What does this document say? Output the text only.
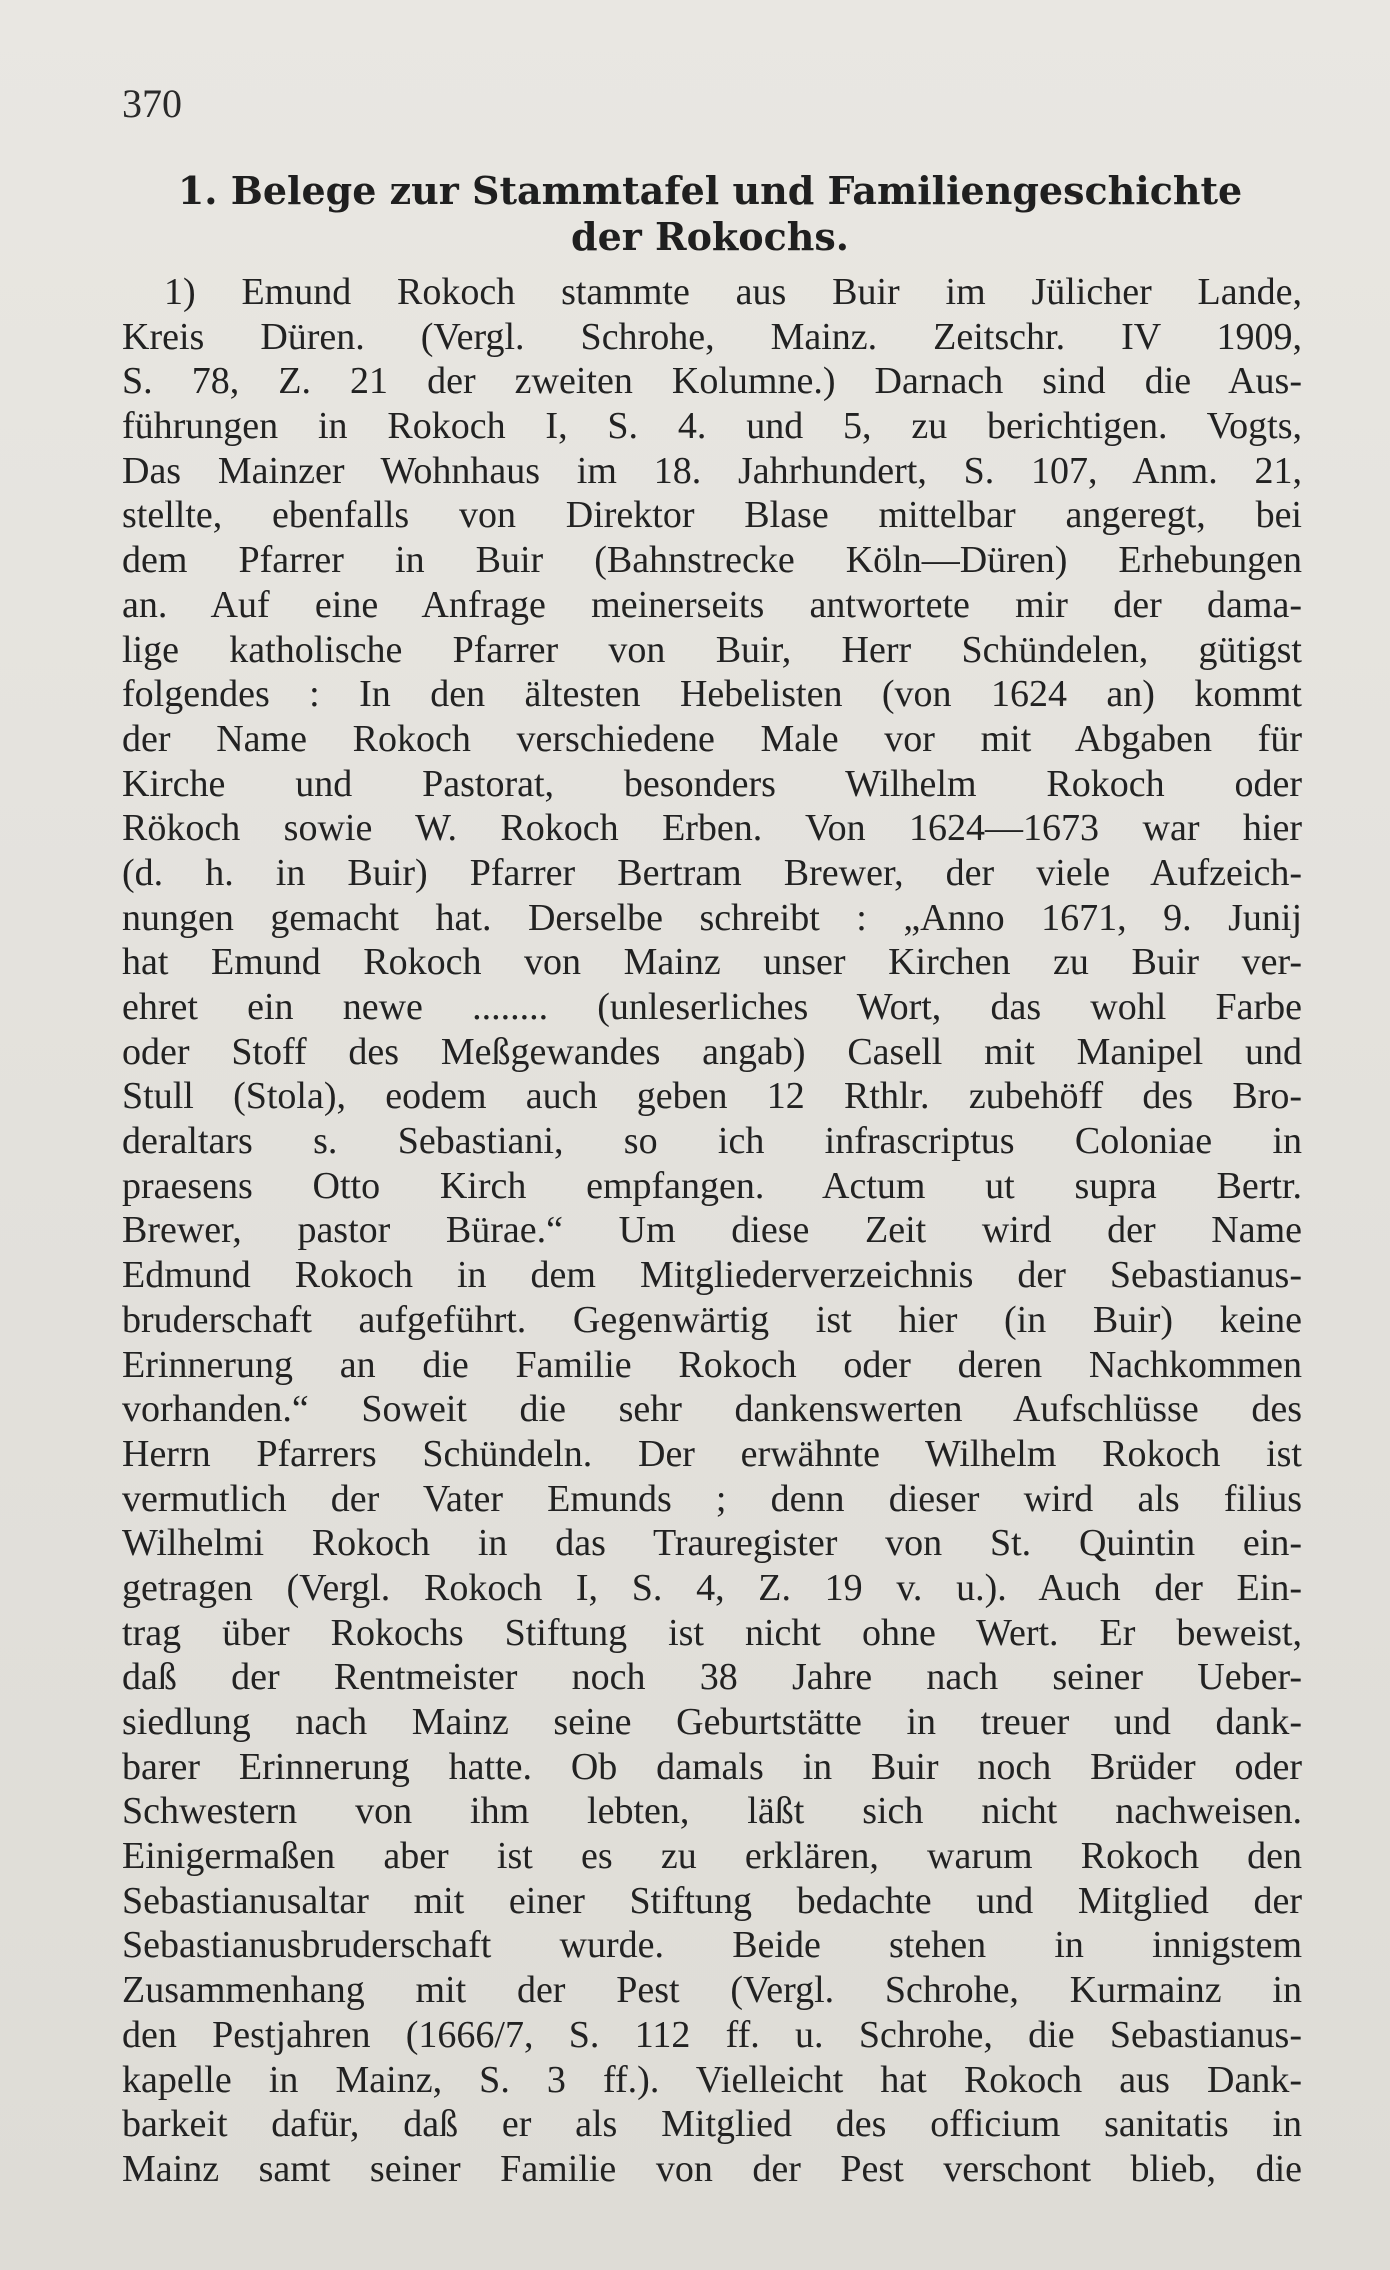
370

1. Belege zur Stammtafel und Familiengeschichte
der Rokochs.
1) Emund Rokoch stammte aus Buir im Jülicher Lande,
Kreis Düren. (Vergl. Schrohe, Mainz. Zeitschr. IV 1909,
S. 78, Z. 21 der zweiten Kolumne.) Darnach sind die Aus-
führungen in Rokoch I, S. 4. und 5, zu berichtigen. Vogts,
Das Mainzer Wohnhaus im 18. Jahrhundert, S. 107, Anm. 21,
stellte, ebenfalls von Direktor Blase mittelbar angeregt, bei
dem Pfarrer in Buir (Bahnstrecke Köln—Düren) Erhebungen
an. Auf eine Anfrage meinerseits antwortete mir der dama-
lige katholische Pfarrer von Buir, Herr Schündelen, gütigst
folgendes : In den ältesten Hebelisten (von 1624 an) kommt
der Name Rokoch verschiedene Male vor mit Abgaben für
Kirche und Pastorat, besonders Wilhelm Rokoch oder
Rökoch sowie W. Rokoch Erben. Von 1624—1673 war hier
(d. h. in Buir) Pfarrer Bertram Brewer, der viele Aufzeich-
nungen gemacht hat. Derselbe schreibt : „Anno 1671, 9. Junij
hat Emund Rokoch von Mainz unser Kirchen zu Buir ver-
ehret ein newe ........ (unleserliches Wort, das wohl Farbe
oder Stoff des Meßgewandes angab) Casell mit Manipel und
Stull (Stola), eodem auch geben 12 Rthlr. zubehöff des Bro-
deraltars s. Sebastiani, so ich infrascriptus Coloniae in
praesens Otto Kirch empfangen. Actum ut supra Bertr.
Brewer, pastor Bürae.“ Um diese Zeit wird der Name
Edmund Rokoch in dem Mitgliederverzeichnis der Sebastianus-
bruderschaft aufgeführt. Gegenwärtig ist hier (in Buir) keine
Erinnerung an die Familie Rokoch oder deren Nachkommen
vorhanden.“ Soweit die sehr dankenswerten Aufschlüsse des
Herrn Pfarrers Schündeln. Der erwähnte Wilhelm Rokoch ist
vermutlich der Vater Emunds ; denn dieser wird als filius
Wilhelmi Rokoch in das Trauregister von St. Quintin ein-
getragen (Vergl. Rokoch I, S. 4, Z. 19 v. u.). Auch der Ein-
trag über Rokochs Stiftung ist nicht ohne Wert. Er beweist,
daß der Rentmeister noch 38 Jahre nach seiner Ueber-
siedlung nach Mainz seine Geburtstätte in treuer und dank-
barer Erinnerung hatte. Ob damals in Buir noch Brüder oder
Schwestern von ihm lebten, läßt sich nicht nachweisen.
Einigermaßen aber ist es zu erklären, warum Rokoch den
Sebastianusaltar mit einer Stiftung bedachte und Mitglied der
Sebastianusbruderschaft wurde. Beide stehen in innigstem
Zusammenhang mit der Pest (Vergl. Schrohe, Kurmainz in
den Pestjahren (1666/7, S. 112 ff. u. Schrohe, die Sebastianus-
kapelle in Mainz, S. 3 ff.). Vielleicht hat Rokoch aus Dank-
barkeit dafür, daß er als Mitglied des officium sanitatis in
Mainz samt seiner Familie von der Pest verschont blieb, die
